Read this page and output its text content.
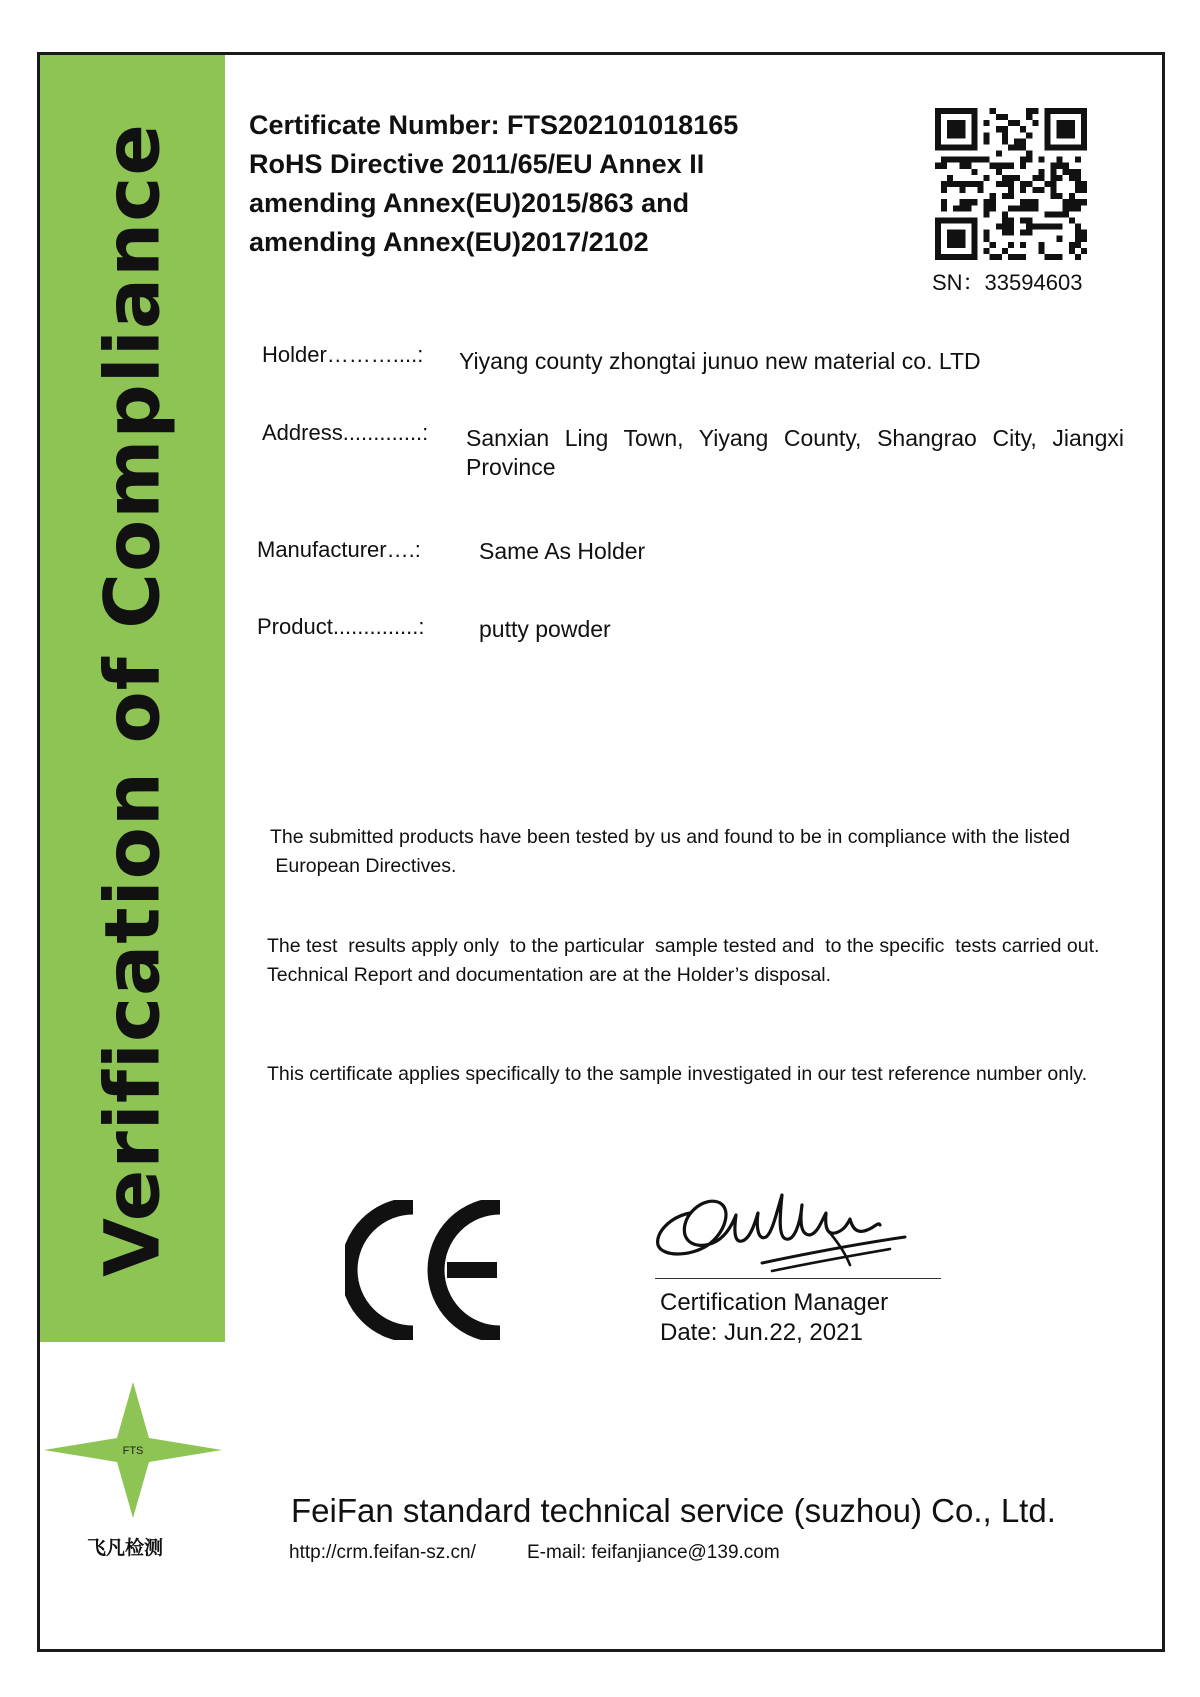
Verification of Compliance	Certificate Number: FTS202101018165
RoHS Directive 2011/65/EU Annex II
amending Annex(EU)2015/863 and
amending Annex(EU)2017/2102
SN：33594603
Holder………....: Yiyang county zhongtai junuo new material co. LTD
Address.............: Sanxian Ling Town, Yiyang County, Shangrao City, Jiangxi Province
Manufacturer….:	Same As Holder
Product..............: putty powder
The submitted products have been tested by us and found to be in compliance with the listed
European Directives.
The test  results apply only  to the particular  sample tested and  to the specific  tests carried out.
Technical Report and documentation are at the Holder’s disposal.
This certificate applies specifically to the sample investigated in our test reference number only.
Certification Manager
Date: Jun.22, 2021
FTS
飞凡检测
FeiFan standard technical service (suzhou) Co., Ltd.
http://crm.feifan-sz.cn/	E-mail: feifanjiance@139.com
